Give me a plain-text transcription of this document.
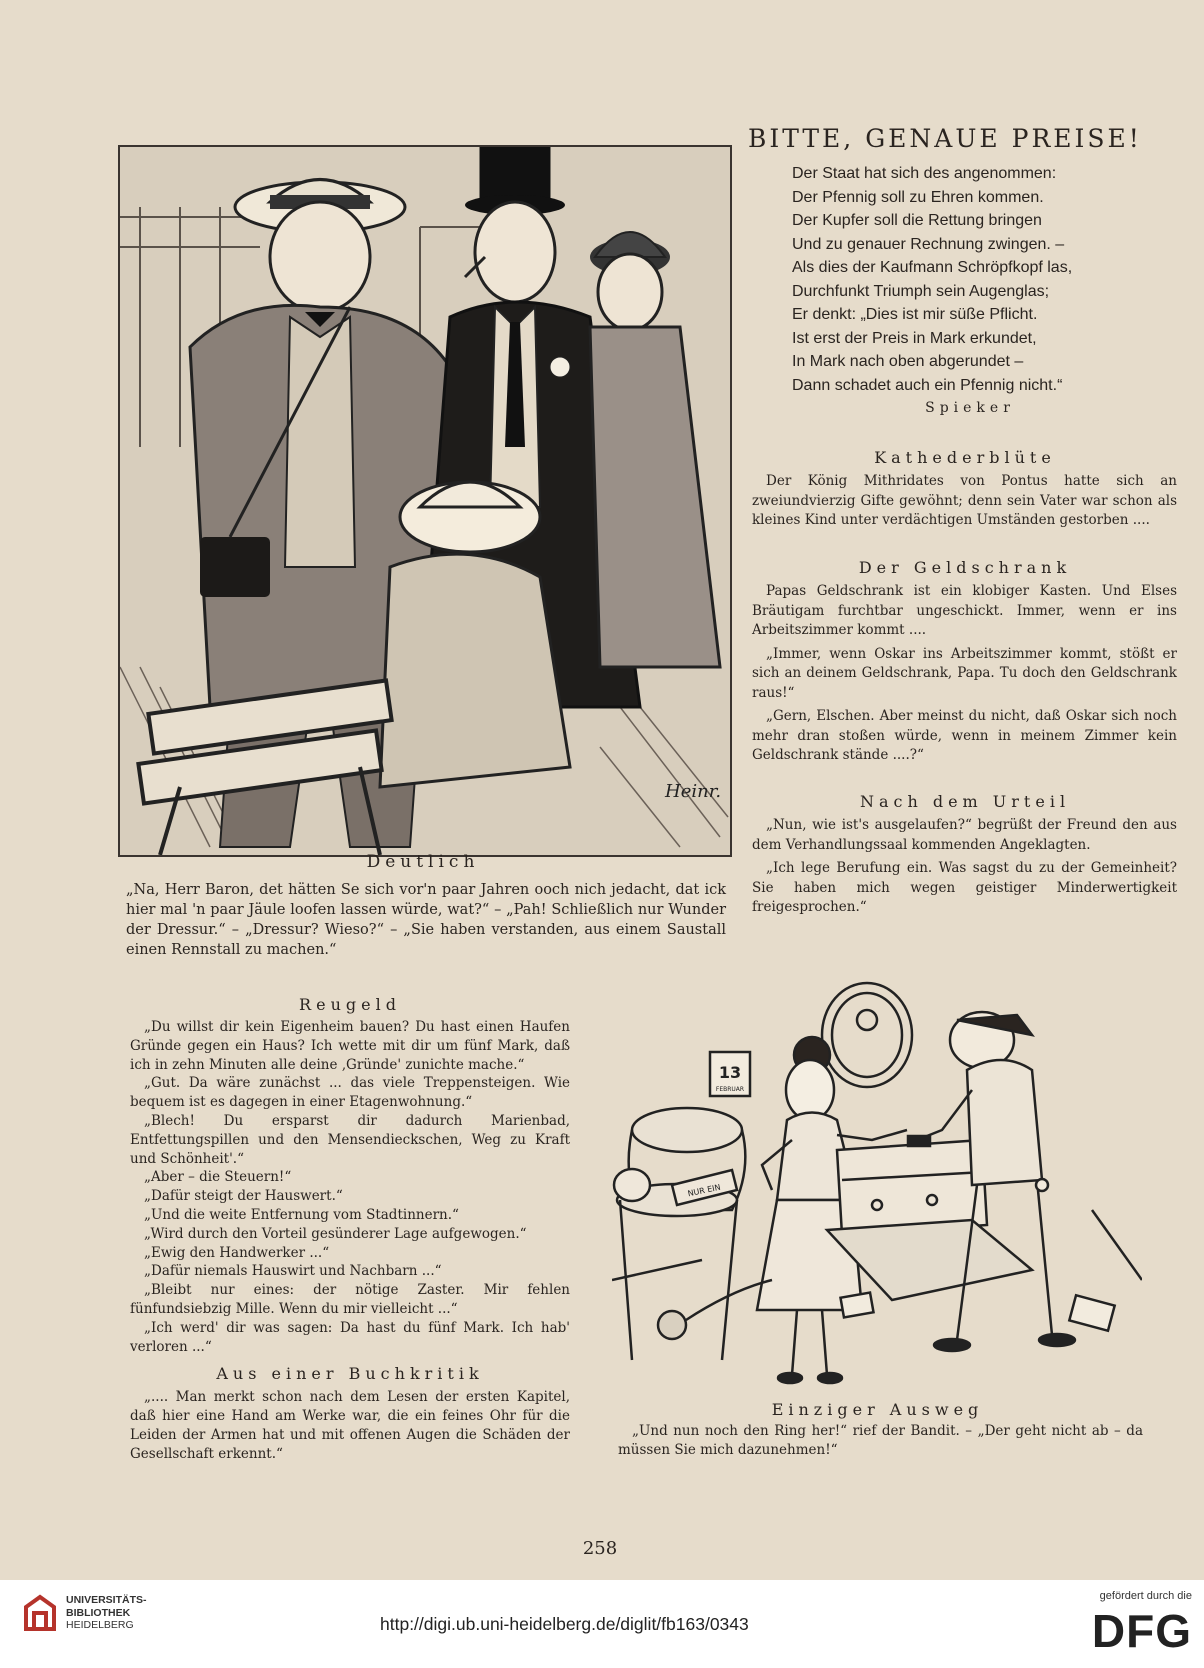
Heinr.
Deutlich

„Na, Herr Baron, det hätten Se sich vor'n paar Jahren ooch nich jedacht, dat ick hier mal 'n paar Jäule loofen lassen würde, wat?“ – „Pah! Schließlich nur Wunder der Dressur.“ – „Dressur? Wieso?“ – „Sie haben verstanden, aus einem Saustall einen Rennstall zu machen.“

BITTE, GENAUE PREISE!
Der Staat hat sich des angenommen:
Der Pfennig soll zu Ehren kommen.
Der Kupfer soll die Rettung bringen
Und zu genauer Rechnung zwingen. –
Als dies der Kaufmann Schröpfkopf las,
Durchfunkt Triumph sein Augenglas;
Er denkt: „Dies ist mir süße Pflicht.
Ist erst der Preis in Mark erkundet,
In Mark nach oben abgerundet –
Dann schadet auch ein Pfennig nicht.“
Spieker
Kathederblüte

Der König Mithridates von Pontus hatte sich an zweiundvierzig Gifte gewöhnt; denn sein Vater war schon als kleines Kind unter verdächtigen Umständen gestorben ....

Der Geldschrank

Papas Geldschrank ist ein klobiger Kasten. Und Elses Bräutigam furchtbar ungeschickt. Immer, wenn er ins Arbeitszimmer kommt ....

„Immer, wenn Oskar ins Arbeitszimmer kommt, stößt er sich an deinem Geldschrank, Papa. Tu doch den Geldschrank raus!“

„Gern, Elschen. Aber meinst du nicht, daß Oskar sich noch mehr dran stoßen würde, wenn in meinem Zimmer kein Geldschrank stände ....?“

Nach dem Urteil

„Nun, wie ist's ausgelaufen?“ begrüßt der Freund den aus dem Verhandlungssaal kommenden Angeklagten.

„Ich lege Berufung ein. Was sagst du zu der Gemeinheit? Sie haben mich wegen geistiger Minderwertigkeit freigesprochen.“

Reugeld

„Du willst dir kein Eigenheim bauen? Du hast einen Haufen Gründe gegen ein Haus? Ich wette mit dir um fünf Mark, daß ich in zehn Minuten alle deine ‚Gründe' zunichte mache.“

„Gut. Da wäre zunächst ... das viele Treppensteigen. Wie bequem ist es dagegen in einer Etagenwohnung.“

„Blech! Du ersparst dir dadurch Marienbad, Entfettungspillen und den Mensendieckschen, Weg zu Kraft und Schönheit'.“

„Aber – die Steuern!“

„Dafür steigt der Hauswert.“

„Und die weite Entfernung vom Stadtinnern.“

„Wird durch den Vorteil gesünderer Lage aufgewogen.“

„Ewig den Handwerker ...“

„Dafür niemals Hauswirt und Nachbarn ...“

„Bleibt nur eines: der nötige Zaster. Mir fehlen fünfundsiebzig Mille. Wenn du mir vielleicht ...“

„Ich werd' dir was sagen: Da hast du fünf Mark. Ich hab' verloren ...“

Aus einer Buchkritik

„.... Man merkt schon nach dem Lesen der ersten Kapitel, daß hier eine Hand am Werke war, die ein feines Ohr für die Leiden der Armen hat und mit offenen Augen die Schäden der Gesellschaft erkennt.“

13
FEBRUAR
NUR EIN
Einziger Ausweg

„Und nun noch den Ring her!“ rief der Bandit. – „Der geht nicht ab – da müssen Sie mich dazunehmen!“

258
UNIVERSITÄTS-
BIBLIOTHEK
HEIDELBERG	http://digi.ub.uni-heidelberg.de/diglit/fb163/0343
gefördert durch die
DFG
